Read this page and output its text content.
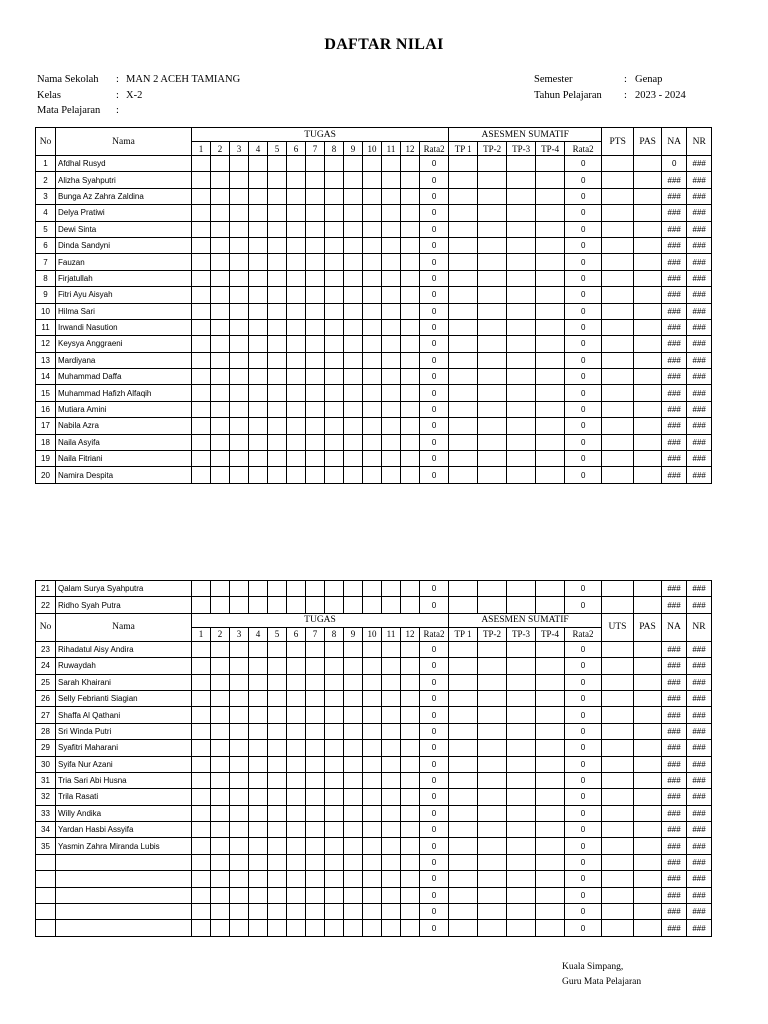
DAFTAR NILAI
Nama Sekolah : MAN 2 ACEH TAMIANG
Kelas	: X-2
Mata Pelajaran :
Semester	: Genap
Tahun Pelajaran : 2023 - 2024
No	Nama	TUGAS													ASESMEN SUMATIF					PTS	PAS	NA	NR
		1	2	3	4	5	6	7	8	9	10	11	12	Rata2	TP 1	TP-2	TP-3	TP-4	Rata2				
1	Afdhal Rusyd													0					0			0	###
2	Alizha Syahputri													0					0			###	###
3	Bunga Az Zahra Zaldina													0					0			###	###
4	Delya Pratiwi													0					0			###	###
5	Dewi Sinta													0					0			###	###
6	Dinda Sandyni													0					0			###	###
7	Fauzan													0					0			###	###
8	Firjatullah													0					0			###	###
9	Fitri Ayu Aisyah													0					0			###	###
10	Hilma Sari													0					0			###	###
11	Irwandi Nasution													0					0			###	###
12	Keysya Anggraeni													0					0			###	###
13	Mardiyana													0					0			###	###
14	Muhammad Daffa													0					0			###	###
15	Muhammad Hafizh Alfaqih													0					0			###	###
16	Mutiara Amini													0					0			###	###
17	Nabila Azra													0					0			###	###
18	Naila Asyifa													0					0			###	###
19	Naila Fitriani													0					0			###	###
20	Namira Despita													0					0			###	###
21	Qalam Surya Syahputra													0					0			###	###
22	Ridho Syah Putra													0					0			###	###
No	Nama	TUGAS													ASESMEN SUMATIF					UTS	PAS	NA	NR
		1	2	3	4	5	6	7	8	9	10	11	12	Rata2	TP 1	TP-2	TP-3	TP-4	Rata2				
23	Rihadatul Aisy Andira													0					0			###	###
24	Ruwaydah													0					0			###	###
25	Sarah Khairani													0					0			###	###
26	Selly Febrianti Siagian													0					0			###	###
27	Shaffa Al Qathani													0					0			###	###
28	Sri Winda Putri													0					0			###	###
29	Syafitri Maharani													0					0			###	###
30	Syifa Nur Azani													0					0			###	###
31	Tria Sari Abi Husna													0					0			###	###
32	Trila Rasati													0					0			###	###
33	Willy Andika													0					0			###	###
34	Yardan Hasbi Assyifa													0					0			###	###
35	Yasmin Zahra Miranda Lubis													0					0			###	###
														0					0			###	###
														0					0			###	###
														0					0			###	###
														0					0			###	###
														0					0			###	###
Kuala Simpang,
Guru Mata Pelajaran
